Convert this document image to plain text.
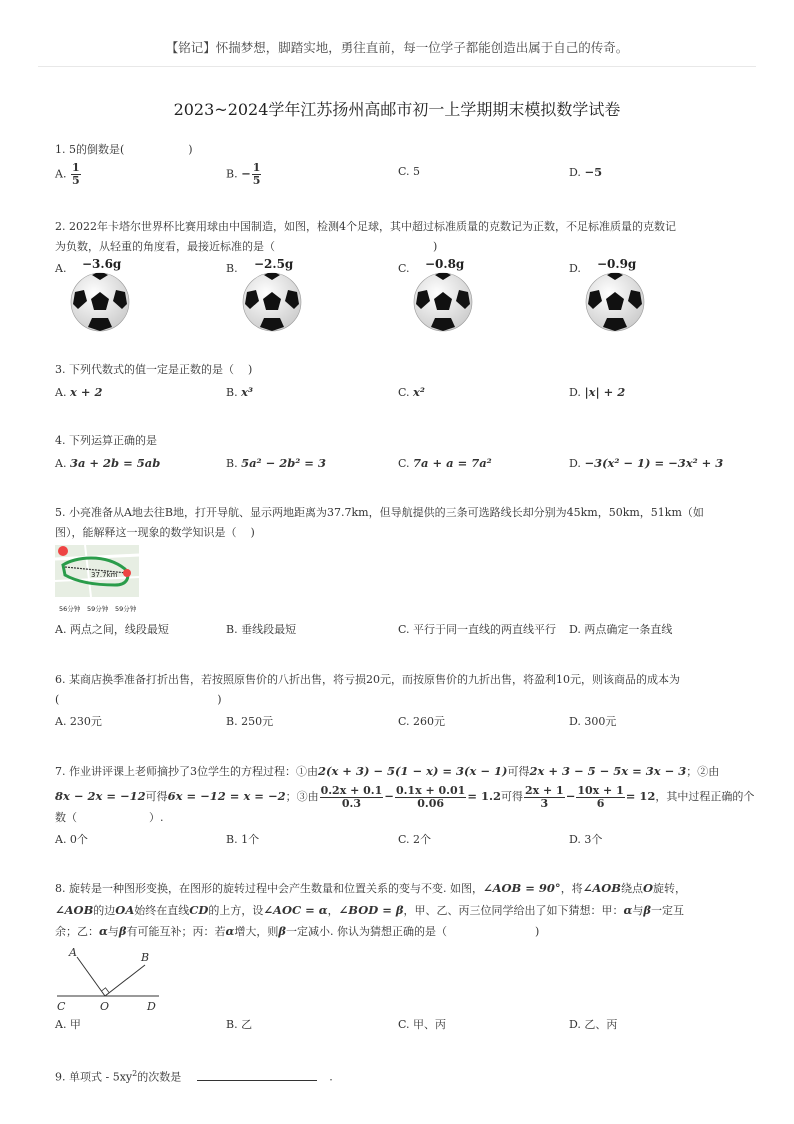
【铭记】怀揣梦想，脚踏实地，勇往直前，每一位学子都能创造出属于自己的传奇。
2023~2024学年江苏扬州高邮市初一上学期期末模拟数学试卷
1. 5的倒数是(	)
A. $\frac{1}{5}$	B. − $\frac{1}{5}$	C. 5	D. −5
2. 2022年卡塔尔世界杯比赛用球由中国制造，如图，检测4个足球，其中超过标准质量的克数记为正数，不足标准质量的克数记
为负数，从轻重的角度看，最接近标准的是（	)
A.	B.	C.	D.
−3.6g	−2.5g	−0.8g	−0.9g
3. 下列代数式的值一定是正数的是（ )
A. x + 2	B. x³	C. x²	D. |x| + 2
4. 下列运算正确的是
A. 3a + 2b = 5ab	B. 5a² − 2b² = 3	C. 7a + a = 7a²	D. −3(x² − 1) = −3x² + 3
5. 小亮准备从A地去往B地，打开导航、显示两地距离为37.7km，但导航提供的三条可选路线长却分别为45km，50km，51km（如
图），能解释这一现象的数学知识是（ )
37.7km
56分钟 59分钟 59分钟
A. 两点之间，线段最短	B. 垂线段最短	C. 平行于同一直线的两直线平行 D. 两点确定一条直线
6. 某商店换季准备打折出售，若按照原售价的八折出售，将亏损20元，而按原售价的九折出售，将盈利10元，则该商品的成本为
(	)
A. 230元	B. 250元	C. 260元	D. 300元
7. 作业讲评课上老师摘抄了3位学生的方程过程：①由2(x + 3) − 5(1 − x) = 3(x − 1)可得2x + 3 − 5 − 5x = 3x − 3；②由
8x − 2x = −12可得6x = −12 = x = −2；③由 $\frac{0.2x + 0.1}{0.3} - \frac{0.1x + 0.01}{0.06} = 1.2$可得 $\frac{2x + 1}{3} - \frac{10x + 1}{6} = 12$，其中过程正确的个
数（	）.
A. 0个	B. 1个	C. 2个	D. 3个
8. 旋转是一种图形变换，在图形的旋转过程中会产生数量和位置关系的变与不变. 如图，∠AOB = 90°，将∠AOB绕点O旋转，
∠AOB的边OA始终在直线CD的上方，设∠AOC = α，∠BOD = β，甲、乙、丙三位同学给出了如下猜想：甲：α与β一定互
余；乙：α与β有可能互补；丙：若α增大，则β一定减小. 你认为猜想正确的是（	)
A	B
C	O	D
A. 甲	B. 乙	C. 甲、丙	D. 乙、丙
9. 单项式 - $5xy^2$的次数是	.
